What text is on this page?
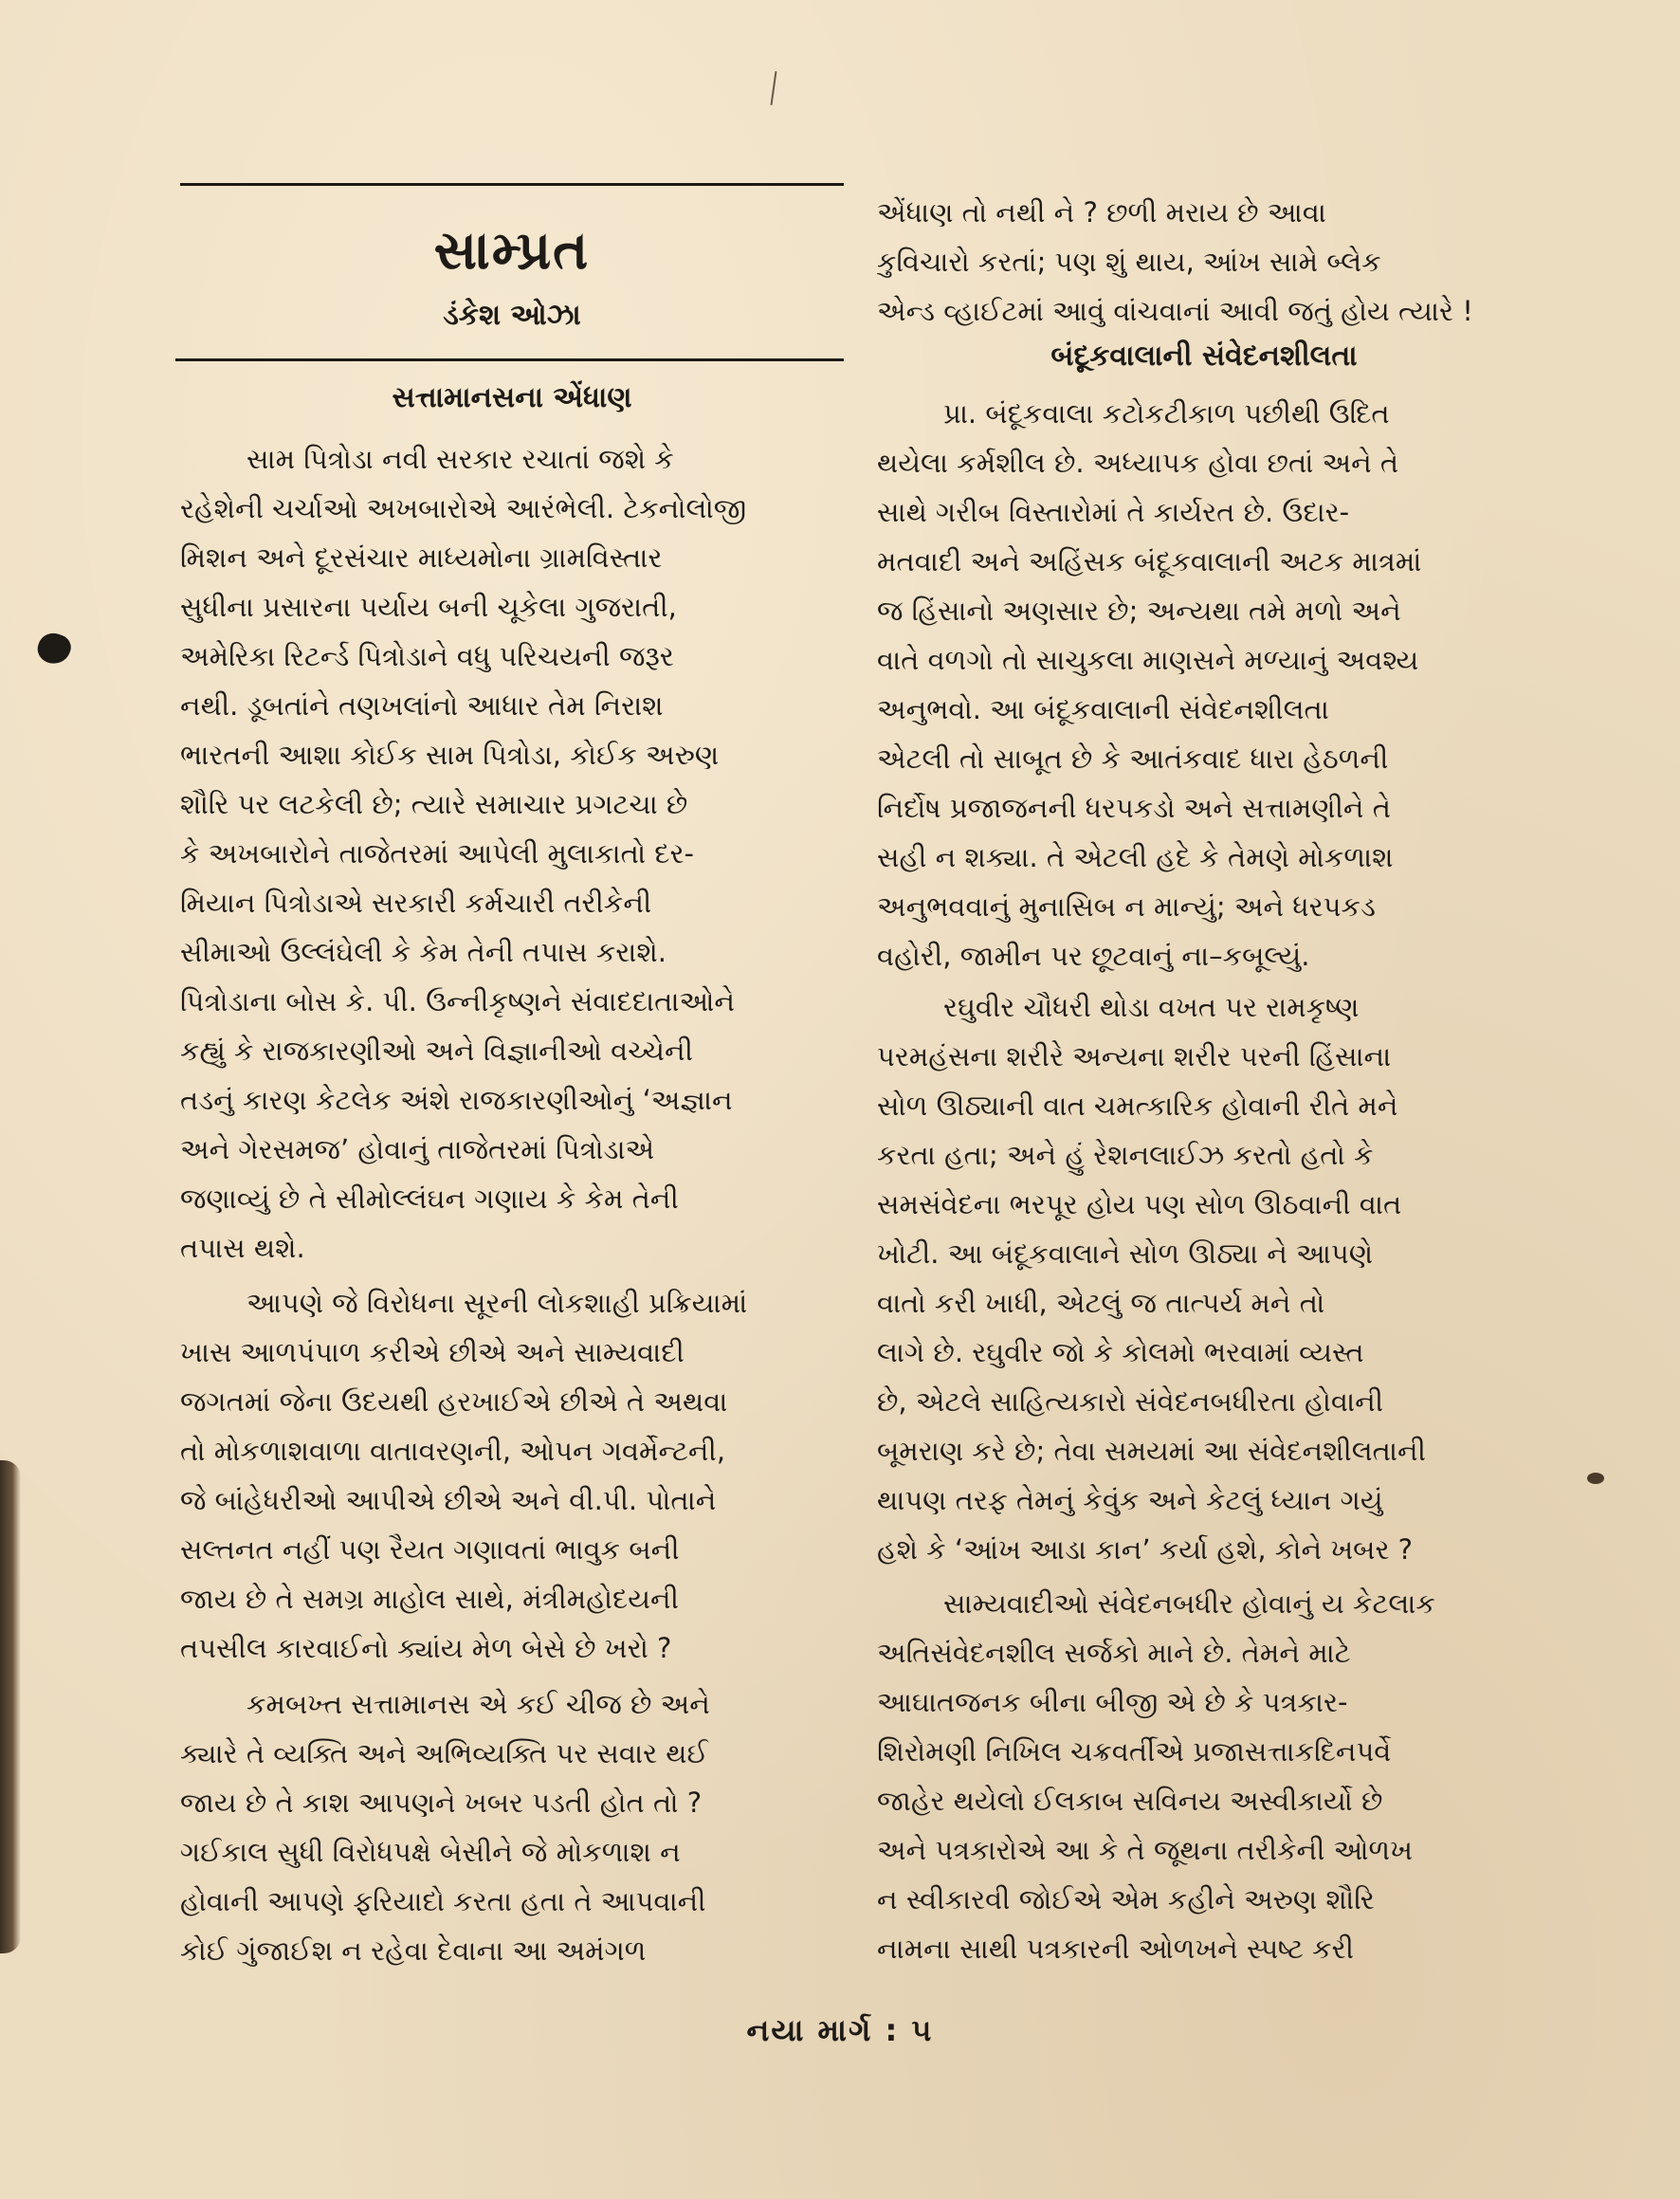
સામ્પ્રત
ડંકેશ ઓઝા
સત્તામાનસના એંધાણ
સામ પિત્રોડા નવી સરકાર રચાતાં જશે કે
રહેશેની ચર્ચાઓ અખબારોએ આરંભેલી. ટેકનોલોજી
મિશન અને દૂરસંચાર માધ્યમોના ગ્રામવિસ્તાર
સુધીના પ્રસારના પર્યાય બની ચૂકેલા ગુજરાતી,
અમેરિકા રિટર્ન્ડ પિત્રોડાને વધુ પરિચયની જરૂર
નથી. ડૂબતાંને તણખલાંનો આધાર તેમ નિરાશ
ભારતની આશા કોઈક સામ પિત્રોડા, કોઈક અરુણ
શૌરિ પર લટકેલી છે; ત્યારે સમાચાર પ્રગટચા છે
કે અખબારોને તાજેતરમાં આપેલી મુલાકાતો દર-
મિયાન પિત્રોડાએ સરકારી કર્મચારી તરીકેની
સીમાઓ ઉલ્લંઘેલી કે કેમ તેની તપાસ કરાશે.
પિત્રોડાના બોસ કે. પી. ઉન્નીકૃષ્ણને સંવાદદાતાઓને
કહ્યું કે રાજકારણીઓ અને વિજ્ઞાનીઓ વચ્ચેની
તડનું કારણ કેટલેક અંશે રાજકારણીઓનું ‘અજ્ઞાન
અને ગેરસમજ’ હોવાનું તાજેતરમાં પિત્રોડાએ
જણાવ્યું છે તે સીમોલ્લંઘન ગણાય કે કેમ તેની
તપાસ થશે.
આપણે જે વિરોધના સૂરની લોકશાહી પ્રક્રિયામાં
ખાસ આળપંપાળ કરીએ છીએ અને સામ્યવાદી
જગતમાં જેના ઉદયથી હરખાઈએ છીએ તે અથવા
તો મોકળાશવાળા વાતાવરણની, ઓપન ગવર્મેન્ટની,
જે બાંહેધરીઓ આપીએ છીએ અને વી.પી. પોતાને
સલ્તનત નહીં પણ રૈયત ગણાવતાં ભાવુક બની
જાય છે તે સમગ્ર માહોલ સાથે, મંત્રીમહોદયની
તપસીલ કારવાઈનો ક્યાંય મેળ બેસે છે ખરો ?
કમબખ્ત સત્તામાનસ એ કઈ ચીજ છે અને
ક્યારે તે વ્યક્તિ અને અભિવ્યક્તિ પર સવાર થઈ
જાય છે તે કાશ આપણને ખબર પડતી હોત તો ?
ગઈકાલ સુધી વિરોધપક્ષે બેસીને જે મોકળાશ ન
હોવાની આપણે ફરિયાદો કરતા હતા તે આપવાની
કોઈ ગુંજાઈશ ન રહેવા દેવાના આ અમંગળ
એંધાણ તો નથી ને ? છળી મરાય છે આવા
કુવિચારો કરતાં; પણ શું થાય, આંખ સામે બ્લેક
એન્ડ વ્હાઈટમાં આવું વાંચવાનાં આવી જતું હોય ત્યારે !
બંદૂકવાલાની સંવેદનશીલતા
પ્રા. બંદૂકવાલા કટોકટીકાળ પછીથી ઉદિત
થયેલા કર્મશીલ છે. અધ્યાપક હોવા છતાં અને તે
સાથે ગરીબ વિસ્તારોમાં તે કાર્યરત છે. ઉદાર-
મતવાદી અને અહિંસક બંદૂકવાલાની અટક માત્રમાં
જ હિંસાનો અણસાર છે; અન્યથા તમે મળો અને
વાતે વળગો તો સાચુકલા માણસને મળ્યાનું અવશ્ય
અનુભવો. આ બંદૂકવાલાની સંવેદનશીલતા
એટલી તો સાબૂત છે કે આતંકવાદ ધારા હેઠળની
નિર્દોષ પ્રજાજનની ધરપકડો અને સત્તામણીને તે
સહી ન શક્યા. તે એટલી હદે કે તેમણે મોકળાશ
અનુભવવાનું મુનાસિબ ન માન્યું; અને ધરપકડ
વહોરી, જામીન પર છૂટવાનું ના–કબૂલ્યું.
રઘુવીર ચૌધરી થોડા વખત પર રામકૃષ્ણ
પરમહંસના શરીરે અન્યના શરીર પરની હિંસાના
સોળ ઊઠ્યાની વાત ચમત્કારિક હોવાની રીતે મને
કરતા હતા; અને હું રેશનલાઈઝ કરતો હતો કે
સમસંવેદના ભરપૂર હોય પણ સોળ ઊઠવાની વાત
ખોટી. આ બંદૂકવાલાને સોળ ઊઠ્યા ને આપણે
વાતો કરી ખાધી, એટલું જ તાત્પર્ય મને તો
લાગે છે. રઘુવીર જો કે કોલમો ભરવામાં વ્યસ્ત
છે, એટલે સાહિત્યકારો સંવેદનબધીરતા હોવાની
બૂમરાણ કરે છે; તેવા સમયમાં આ સંવેદનશીલતાની
થાપણ તરફ તેમનું કેવુંક અને કેટલું ધ્યાન ગયું
હશે કે ‘આંખ આડા કાન’ કર્યા હશે, કોને ખબર ?
સામ્યવાદીઓ સંવેદનબધીર હોવાનું ય કેટલાક
અતિસંવેદનશીલ સર્જકો માને છે. તેમને માટે
આઘાતજનક બીના બીજી એ છે કે પત્રકાર-
શિરોમણી નિખિલ ચક્રવર્તીએ પ્રજાસત્તાકદિનપર્વે
જાહેર થયેલો ઈલકાબ સવિનય અસ્વીકાર્યો છે
અને પત્રકારોએ આ કે તે જૂથના તરીકેની ઓળખ
ન સ્વીકારવી જોઈએ એમ કહીને અરુણ શૌરિ
નામના સાથી પત્રકારની ઓળખને સ્પષ્ટ કરી
નયા માર્ગ : ૫
